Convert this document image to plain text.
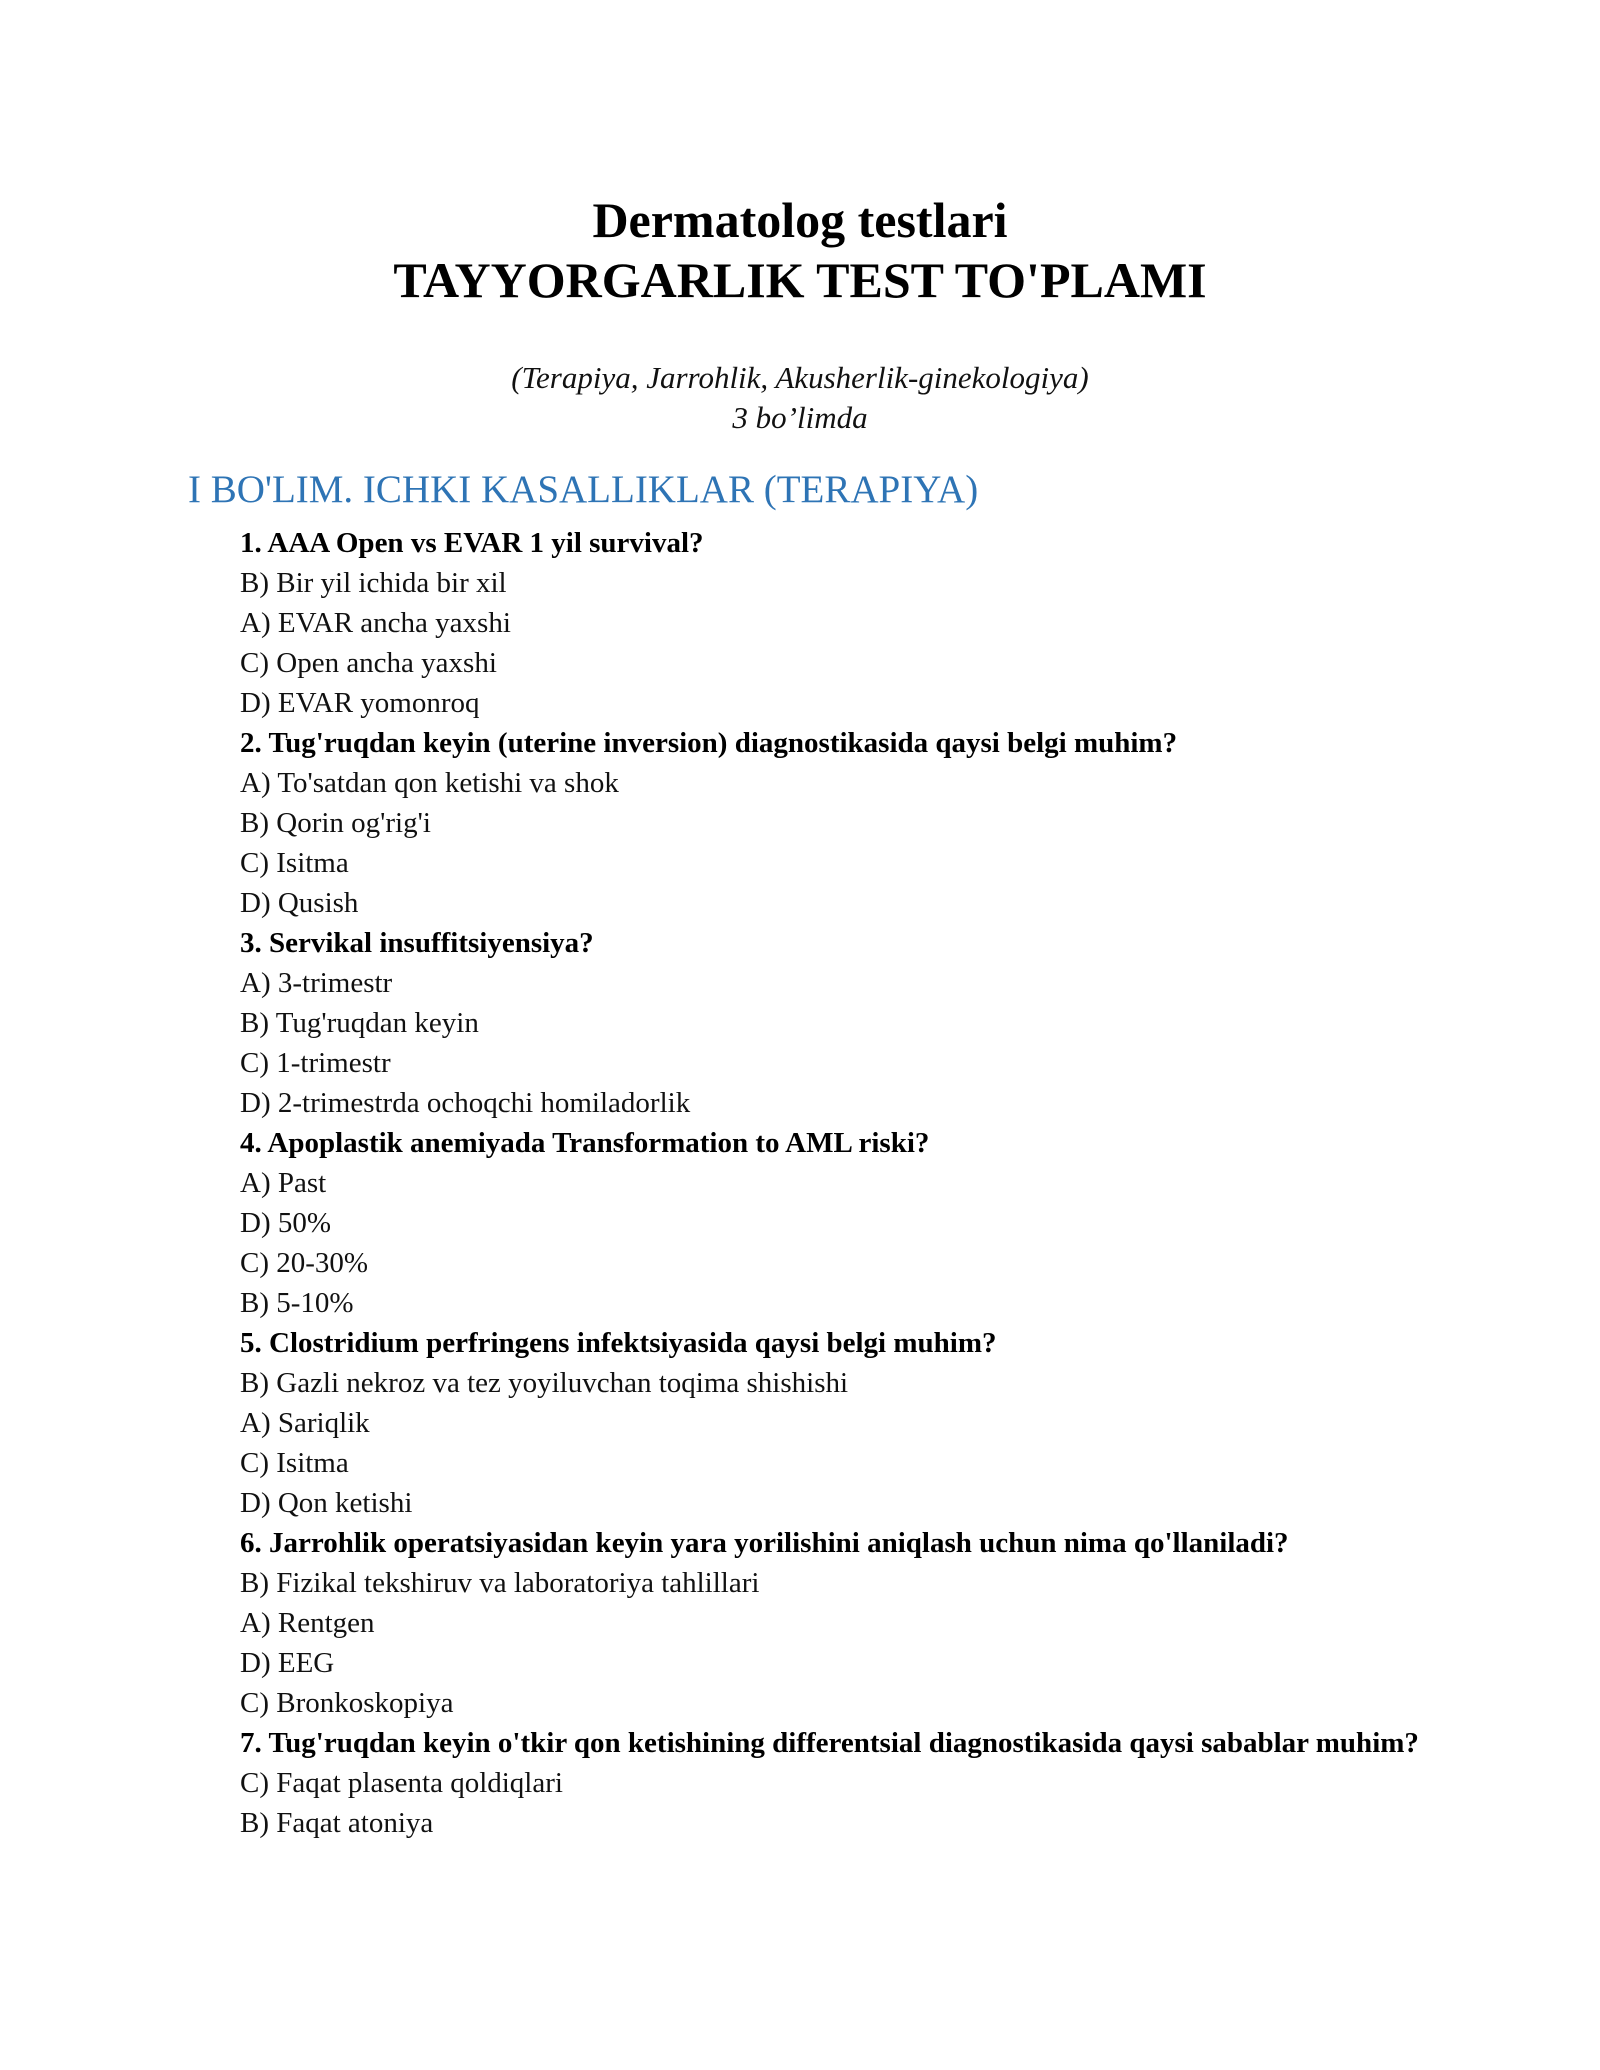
Dermatolog testlari
TAYYORGARLIK TEST TO'PLAMI
(Terapiya, Jarrohlik, Akusherlik-ginekologiya)
3 bo’limda
I BO'LIM. ICHKI KASALLIKLAR (TERAPIYA)
1. AAA Open vs EVAR 1 yil survival?
B) Bir yil ichida bir xil
A) EVAR ancha yaxshi
C) Open ancha yaxshi
D) EVAR yomonroq
2. Tug'ruqdan keyin (uterine inversion) diagnostikasida qaysi belgi muhim?
A) To'satdan qon ketishi va shok
B) Qorin og'rig'i
C) Isitma
D) Qusish
3. Servikal insuffitsiyensiya?
A) 3-trimestr
B) Tug'ruqdan keyin
C) 1-trimestr
D) 2-trimestrda ochoqchi homiladorlik
4. Apoplastik anemiyada Transformation to AML riski?
A) Past
D) 50%
C) 20-30%
B) 5-10%
5. Clostridium perfringens infektsiyasida qaysi belgi muhim?
B) Gazli nekroz va tez yoyiluvchan toqima shishishi
A) Sariqlik
C) Isitma
D) Qon ketishi
6. Jarrohlik operatsiyasidan keyin yara yorilishini aniqlash uchun nima qo'llaniladi?
B) Fizikal tekshiruv va laboratoriya tahlillari
A) Rentgen
D) EEG
C) Bronkoskopiya
7. Tug'ruqdan keyin o'tkir qon ketishining differentsial diagnostikasida qaysi sabablar muhim?
C) Faqat plasenta qoldiqlari
B) Faqat atoniya
